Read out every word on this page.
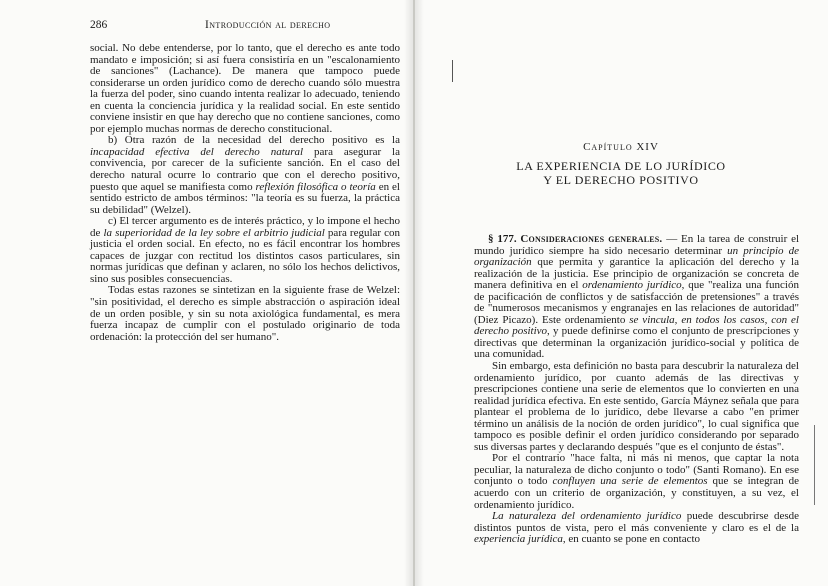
286	Introducción al derecho

social. No debe entenderse, por lo tanto, que el derecho es ante todo mandato e imposición; si así fuera consistiría en un "escalonamiento de sanciones" (Lachance). De manera que tampoco puede considerarse un orden jurídico como de derecho cuando sólo muestra la fuerza del poder, sino cuando intenta realizar lo adecuado, teniendo en cuenta la conciencia jurídica y la realidad social. En este sentido conviene insistir en que hay derecho que no contiene sanciones, como por ejemplo muchas normas de derecho constitucional.

b) Otra razón de la necesidad del derecho positivo es la incapacidad efectiva del derecho natural para asegurar la convivencia, por carecer de la suficiente sanción. En el caso del derecho natural ocurre lo contrario que con el derecho positivo, puesto que aquel se manifiesta como reflexión filosófica o teoría en el sentido estricto de ambos términos: "la teoría es su fuerza, la práctica su debilidad" (Welzel).

c) El tercer argumento es de interés práctico, y lo impone el hecho de la superioridad de la ley sobre el arbitrio judicial para regular con justicia el orden social. En efecto, no es fácil encontrar los hombres capaces de juzgar con rectitud los distintos casos particulares, sin normas jurídicas que definan y aclaren, no sólo los hechos delictivos, sino sus posibles consecuencias.

Todas estas razones se sintetizan en la siguiente frase de Welzel: "sin positividad, el derecho es simple abstracción o aspiración ideal de un orden posible, y sin su nota axiológica fundamental, es mera fuerza incapaz de cumplir con el postulado originario de toda ordenación: la protección del ser humano".

Capítulo XIV
LA EXPERIENCIA DE LO JURÍDICO
Y EL DERECHO POSITIVO

§ 177. Consideraciones generales. — En la tarea de construir el mundo jurídico siempre ha sido necesario determinar un principio de organización que permita y garantice la aplicación del derecho y la realización de la justicia. Ese principio de organización se concreta de manera definitiva en el ordenamiento jurídico, que "realiza una función de pacificación de conflictos y de satisfacción de pretensiones" a través de "numerosos mecanismos y engranajes en las relaciones de autoridad" (Diez Picazo). Este ordenamiento se vincula, en todos los casos, con el derecho positivo, y puede definirse como el conjunto de prescripciones y directivas que determinan la organización jurídico-social y política de una comunidad.

Sin embargo, esta definición no basta para descubrir la naturaleza del ordenamiento jurídico, por cuanto además de las directivas y prescripciones contiene una serie de elementos que lo convierten en una realidad jurídica efectiva. En este sentido, García Máynez señala que para plantear el problema de lo jurídico, debe llevarse a cabo "en primer término un análisis de la noción de orden jurídico", lo cual significa que tampoco es posible definir el orden jurídico considerando por separado sus diversas partes y declarando después "que es el conjunto de éstas".

Por el contrario "hace falta, ni más ni menos, que captar la nota peculiar, la naturaleza de dicho conjunto o todo" (Santi Romano). En ese conjunto o todo confluyen una serie de elementos que se integran de acuerdo con un criterio de organización, y constituyen, a su vez, el ordenamiento jurídico.

La naturaleza del ordenamiento jurídico puede descubrirse desde distintos puntos de vista, pero el más conveniente y claro es el de la experiencia jurídica, en cuanto se pone en contacto
